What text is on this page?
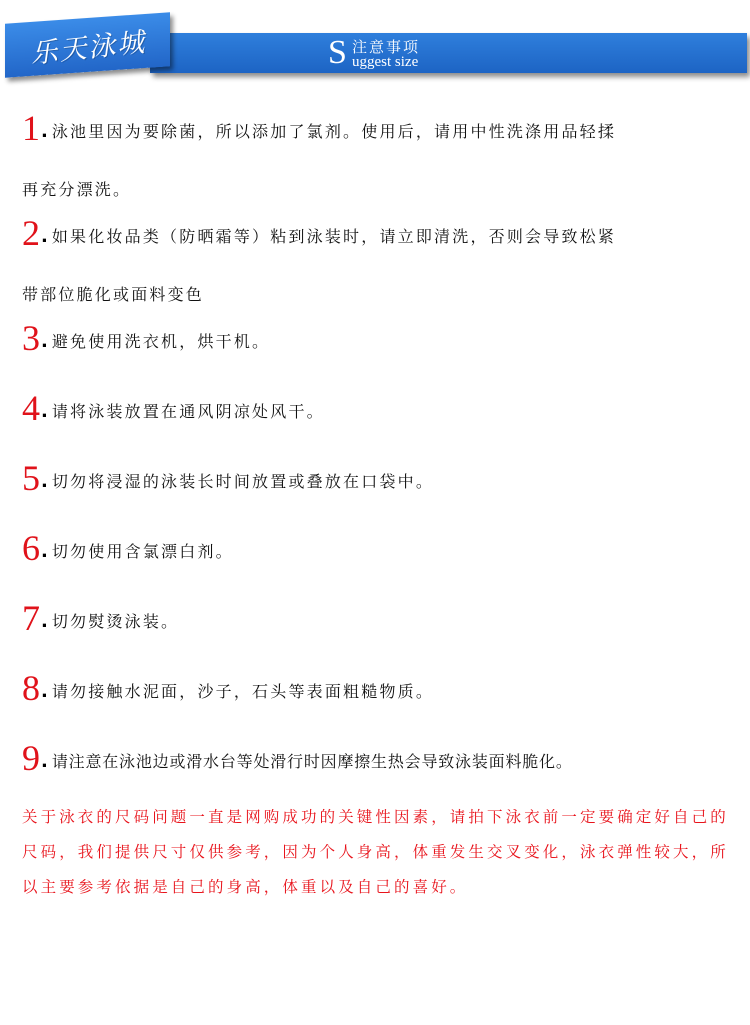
乐天泳城	S 注意事项
uggest size
1. 泳池里因为要除菌，所以添加了氯剂。使用后，请用中性洗涤用品轻揉
再充分漂洗。
2. 如果化妆品类（防晒霜等）粘到泳装时，请立即清洗，否则会导致松紧
带部位脆化或面料变色
3. 避免使用洗衣机，烘干机。
4. 请将泳装放置在通风阴凉处风干。
5. 切勿将浸湿的泳装长时间放置或叠放在口袋中。
6. 切勿使用含氯漂白剂。
7. 切勿熨烫泳装。
8. 请勿接触水泥面，沙子，石头等表面粗糙物质。
9. 请注意在泳池边或滑水台等处滑行时因摩擦生热会导致泳装面料脆化。
关于泳衣的尺码问题一直是网购成功的关键性因素，请拍下泳衣前一定要确定好自己的尺码，我们提供尺寸仅供参考，因为个人身高，体重发生交叉变化，泳衣弹性较大，所以主要参考依据是自己的身高，体重以及自己的喜好。
